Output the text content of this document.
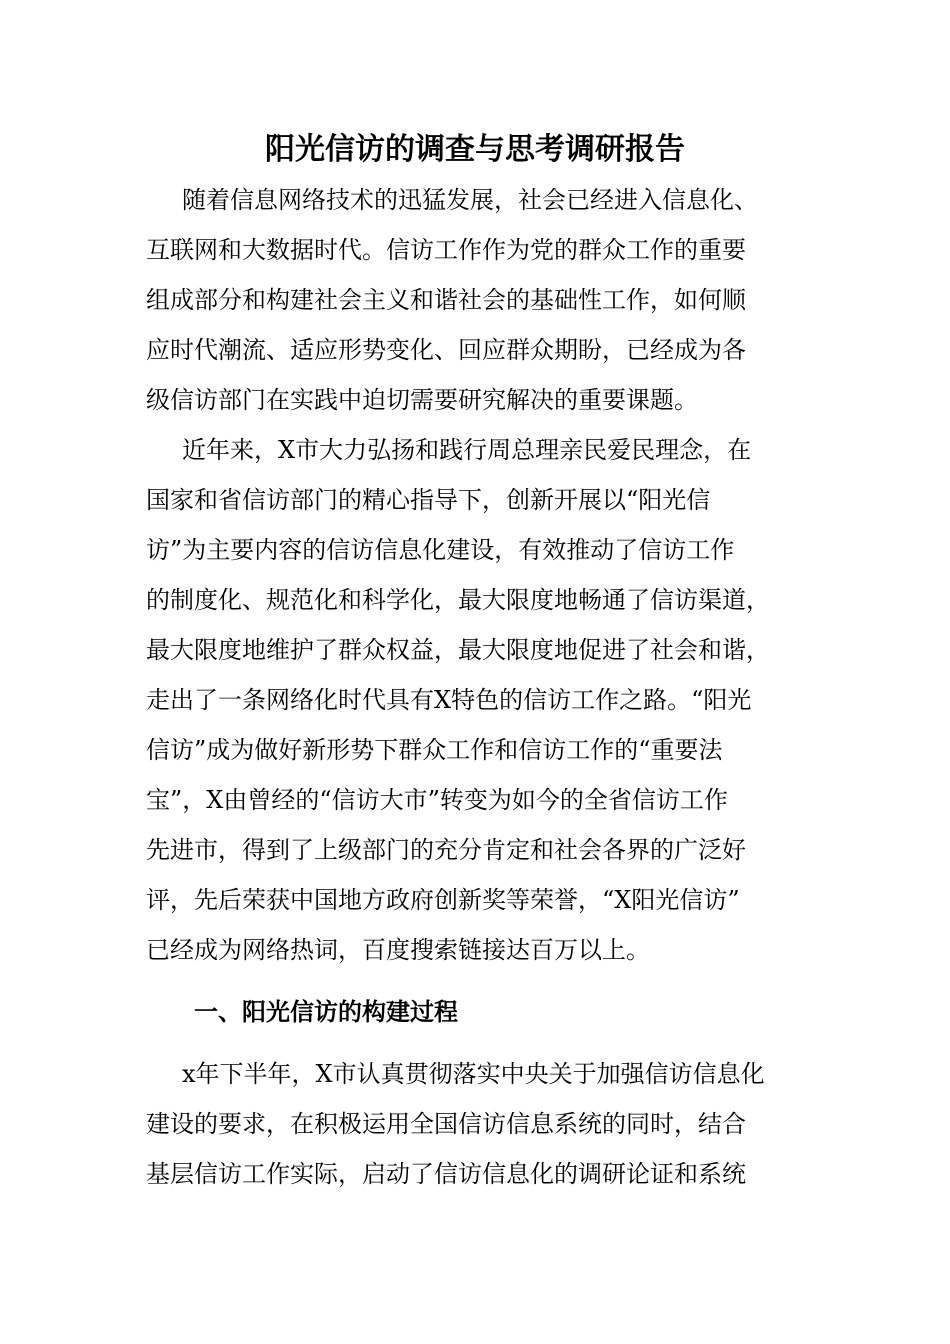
阳光信访的调查与思考调研报告
随着信息网络技术的迅猛发展，社会已经进入信息化、
互联网和大数据时代。信访工作作为党的群众工作的重要
组成部分和构建社会主义和谐社会的基础性工作，如何顺
应时代潮流、适应形势变化、回应群众期盼，已经成为各
级信访部门在实践中迫切需要研究解决的重要课题。
近年来，X市大力弘扬和践行周总理亲民爱民理念，在
国家和省信访部门的精心指导下，创新开展以“阳光信
访”为主要内容的信访信息化建设，有效推动了信访工作
的制度化、规范化和科学化，最大限度地畅通了信访渠道，
最大限度地维护了群众权益，最大限度地促进了社会和谐，
走出了一条网络化时代具有X特色的信访工作之路。“阳光
信访”成为做好新形势下群众工作和信访工作的“重要法
宝”，X由曾经的“信访大市”转变为如今的全省信访工作
先进市，得到了上级部门的充分肯定和社会各界的广泛好
评，先后荣获中国地方政府创新奖等荣誉，“X阳光信访”
已经成为网络热词，百度搜索链接达百万以上。
一、阳光信访的构建过程
x年下半年，X市认真贯彻落实中央关于加强信访信息化
建设的要求，在积极运用全国信访信息系统的同时，结合
基层信访工作实际，启动了信访信息化的调研论证和系统
